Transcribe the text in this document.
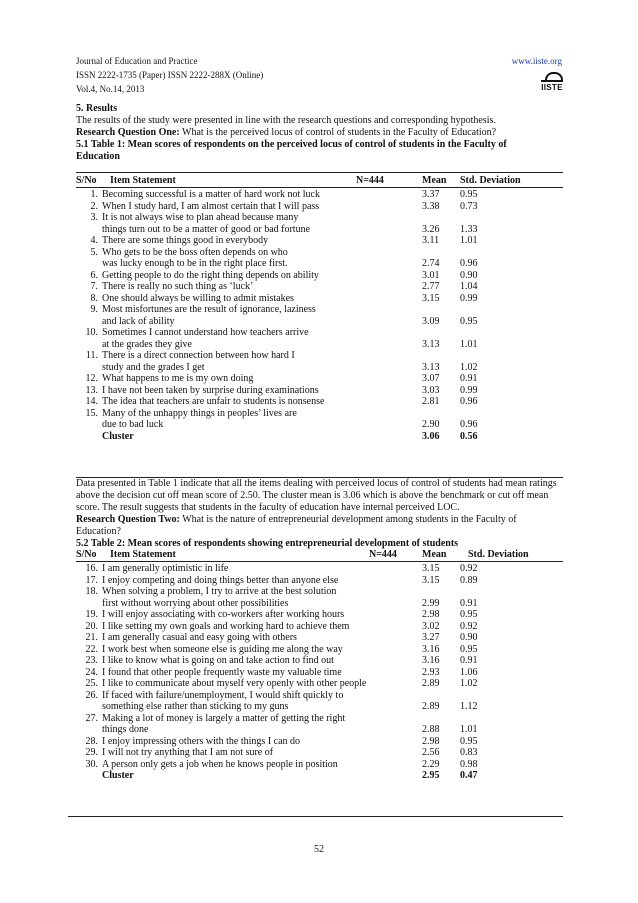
Journal of Education and Practice
ISSN 2222-1735 (Paper) ISSN 2222-288X (Online)
Vol.4, No.14, 2013
www.iiste.org
IISTE
5. Results
The results of the study were presented in line with the research questions and corresponding hypothesis.
Research Question One: What is the perceived locus of control of students in the Faculty of Education?
5.1 Table 1: Mean scores of respondents on the perceived locus of control of students in the Faculty of
Education
S/No Item Statement	N=444	Mean Std. Deviation
1. Becoming successful is a matter of hard work not luck	3.37 0.95
2. When I study hard, I am almost certain that I will pass	3.38 0.73
3. It is not always wise to plan ahead because many
things turn out to be a matter of good or bad fortune	3.26 1.33
4. There are some things good in everybody	3.11 1.01
5. Who gets to be the boss often depends on who
was lucky enough to be in the right place first.	2.74 0.96
6. Getting people to do the right thing depends on ability	3.01 0.90
7. There is really no such thing as ‘luck’	2.77 1.04
8. One should always be willing to admit mistakes	3.15 0.99
9. Most misfortunes are the result of ignorance, laziness
and lack of ability	3.09 0.95
10. Sometimes I cannot understand how teachers arrive
at the grades they give	3.13 1.01
11. There is a direct connection between how hard I
study and the grades I get	3.13 1.02
12. What happens to me is my own doing	3.07 0.91
13. I have not been taken by surprise during examinations	3.03 0.99
14. The idea that teachers are unfair to students is nonsense	2.81 0.96
15. Many of the unhappy things in peoples’ lives are
due to bad luck	2.90 0.96
Cluster	3.06 0.56
Data presented in Table 1 indicate that all the items dealing with perceived locus of control of students had mean ratings above the decision cut off mean score of 2.50. The cluster mean is 3.06 which is above the benchmark or cut off mean score. The result suggests that students in the faculty of education have internal perceived LOC.
Research Question Two: What is the nature of entrepreneurial development among students in the Faculty of Education?
5.2 Table 2: Mean scores of respondents showing entrepreneurial development of students
S/No Item Statement	N=444	Mean Std. Deviation
16. I am generally optimistic in life	3.15 0.92
17. I enjoy competing and doing things better than anyone else	3.15 0.89
18. When solving a problem, I try to arrive at the best solution
first without worrying about other possibilities	2.99 0.91
19. I will enjoy associating with co-workers after working hours	2.98 0.95
20. I like setting my own goals and working hard to achieve them	3.02 0.92
21. I am generally casual and easy going with others	3.27 0.90
22. I work best when someone else is guiding me along the way	3.16 0.95
23. I like to know what is going on and take action to find out	3.16 0.91
24. I found that other people frequently waste my valuable time	2.93 1.06
25. I like to communicate about myself very openly with other people	2.89 1.02
26. If faced with failure/unemployment, I would shift quickly to
something else rather than sticking to my guns	2.89 1.12
27. Making a lot of money is largely a matter of getting the right
things done	2.88 1.01
28. I enjoy impressing others with the things I can do	2.98 0.95
29. I will not try anything that I am not sure of	2.56 0.83
30. A person only gets a job when he knows people in position	2.29 0.98
Cluster	2.95 0.47
52
